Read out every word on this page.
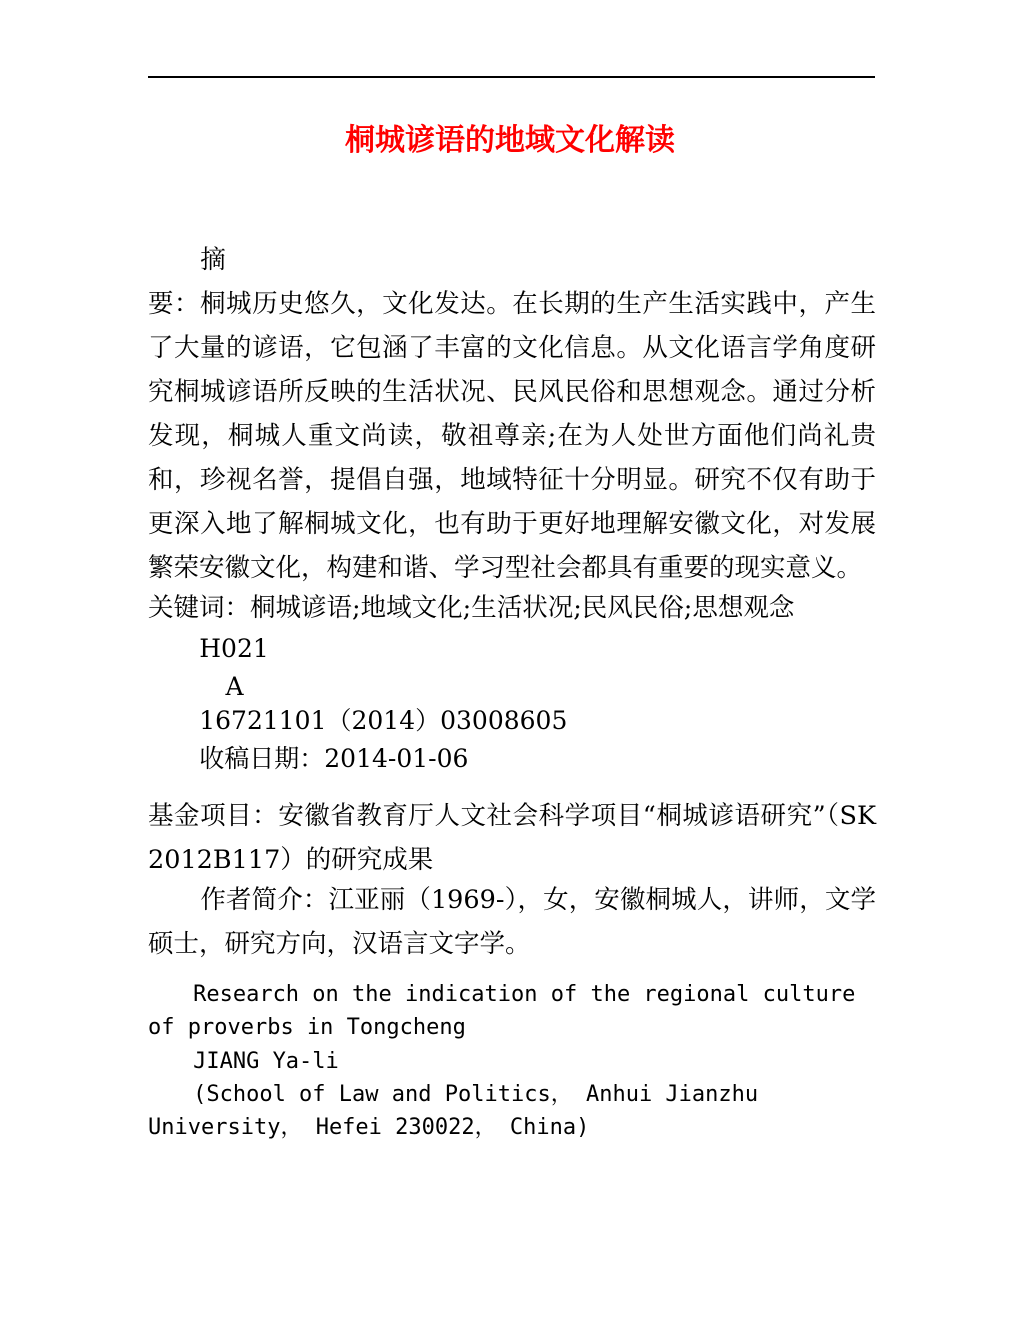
桐城谚语的地域文化解读
摘
要：桐城历史悠久，文化发达。在长期的生产生活实践中，产生了大量的谚语，它包涵了丰富的文化信息。从文化语言学角度研究桐城谚语所反映的生活状况、民风民俗和思想观念。通过分析发现，桐城人重文尚读，敬祖尊亲;在为人处世方面他们尚礼贵和，珍视名誉，提倡自强，地域特征十分明显。研究不仅有助于更深入地了解桐城文化，也有助于更好地理解安徽文化，对发展繁荣安徽文化，构建和谐、学习型社会都具有重要的现实意义。
关键词：桐城谚语;地域文化;生活状况;民风民俗;思想观念
H021

A

16721101（2014）03008605

收稿日期：2014-01-06

基金项目：安徽省教育厅人文社会科学项目“桐城谚语研究”（SK2012B117）的研究成果
作者简介：江亚丽（1969-），女，安徽桐城人，讲师，文学硕士，研究方向，汉语言文字学。
Research on the indication of the regional culture of proverbs in Tongcheng

JIANG Ya-li

(School of Law and Politics， Anhui Jianzhu University， Hefei 230022， China)
